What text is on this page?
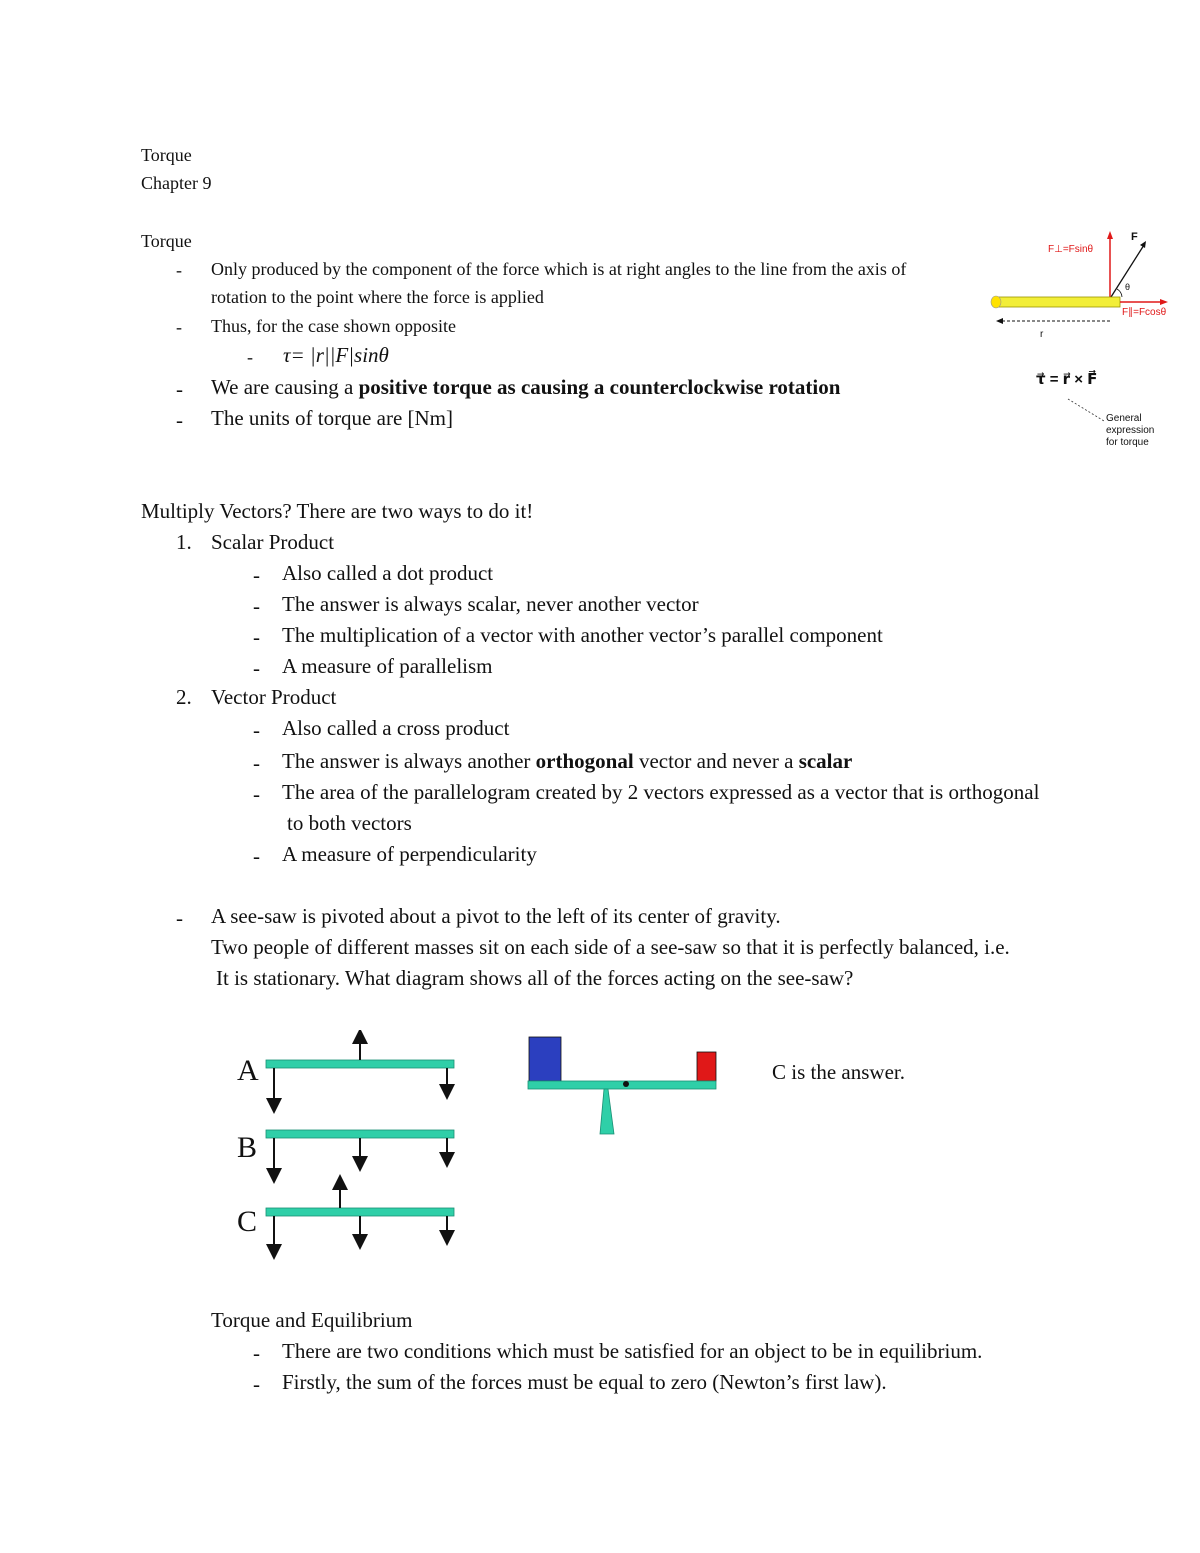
Torque
Chapter 9
Torque
- Only produced by the component of the force which is at right angles to the line from the axis of
rotation to the point where the force is applied
- Thus, for the case shown opposite
- τ= |r||F|sinθ
- We are causing a positive torque as causing a counterclockwise rotation
- The units of torque are [Nm]
F
F⊥=Fsinθ
θ
F∥=Fcosθ
r
τ⃗ = r⃗ × F⃗
General
expression
for torque
Multiply Vectors? There are two ways to do it!
1. Scalar Product
- Also called a dot product
- The answer is always scalar, never another vector
- The multiplication of a vector with another vector’s parallel component
- A measure of parallelism
2. Vector Product
- Also called a cross product
- The answer is always another orthogonal vector and never a scalar
- The area of the parallelogram created by 2 vectors expressed as a vector that is orthogonal
to both vectors
- A measure of perpendicularity
- A see-saw is pivoted about a pivot to the left of its center of gravity.
Two people of different masses sit on each side of a see-saw so that it is perfectly balanced, i.e.
It is stationary. What diagram shows all of the forces acting on the see-saw?
A
B
C
C is the answer.
Torque and Equilibrium
- There are two conditions which must be satisfied for an object to be in equilibrium.
- Firstly, the sum of the forces must be equal to zero (Newton’s first law).
